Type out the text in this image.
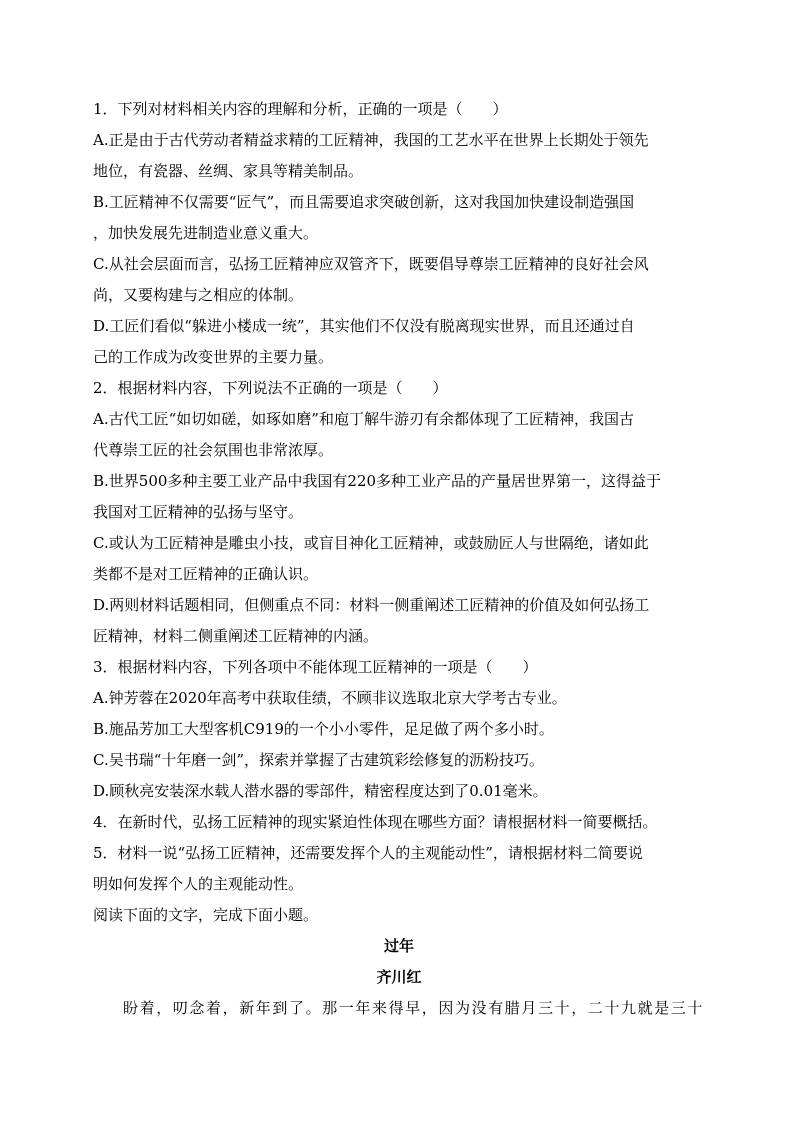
1．下列对材料相关内容的理解和分析，正确的一项是（　　）
A.正是由于古代劳动者精益求精的工匠精神，我国的工艺水平在世界上长期处于领先
地位，有瓷器、丝绸、家具等精美制品。
B.工匠精神不仅需要“匠气”，而且需要追求突破创新，这对我国加快建设制造强国
，加快发展先进制造业意义重大。
C.从社会层面而言，弘扬工匠精神应双管齐下，既要倡导尊崇工匠精神的良好社会风
尚，又要构建与之相应的体制。
D.工匠们看似“躲进小楼成一统”，其实他们不仅没有脱离现实世界，而且还通过自
己的工作成为改变世界的主要力量。
2．根据材料内容，下列说法不正确的一项是（　　）
A.古代工匠“如切如磋，如琢如磨”和庖丁解牛游刃有余都体现了工匠精神，我国古
代尊崇工匠的社会氛围也非常浓厚。
B.世界500多种主要工业产品中我国有220多种工业产品的产量居世界第一，这得益于
我国对工匠精神的弘扬与坚守。
C.或认为工匠精神是雕虫小技，或盲目神化工匠精神，或鼓励匠人与世隔绝，诸如此
类都不是对工匠精神的正确认识。
D.两则材料话题相同，但侧重点不同：材料一侧重阐述工匠精神的价值及如何弘扬工
匠精神，材料二侧重阐述工匠精神的内涵。
3．根据材料内容，下列各项中不能体现工匠精神的一项是（　　）
A.钟芳蓉在2020年高考中获取佳绩，不顾非议选取北京大学考古专业。
B.施品芳加工大型客机C919的一个小小零件，足足做了两个多小时。
C.吴书瑞“十年磨一剑”，探索并掌握了古建筑彩绘修复的沥粉技巧。
D.顾秋亮安装深水载人潜水器的零部件，精密程度达到了0.01毫米。
4．在新时代，弘扬工匠精神的现实紧迫性体现在哪些方面？请根据材料一简要概括。
5．材料一说“弘扬工匠精神，还需要发挥个人的主观能动性”，请根据材料二简要说
明如何发挥个人的主观能动性。
阅读下面的文字，完成下面小题。
过年
齐川红
盼着，叨念着，新年到了。那一年来得早，因为没有腊月三十，二十九就是三十
